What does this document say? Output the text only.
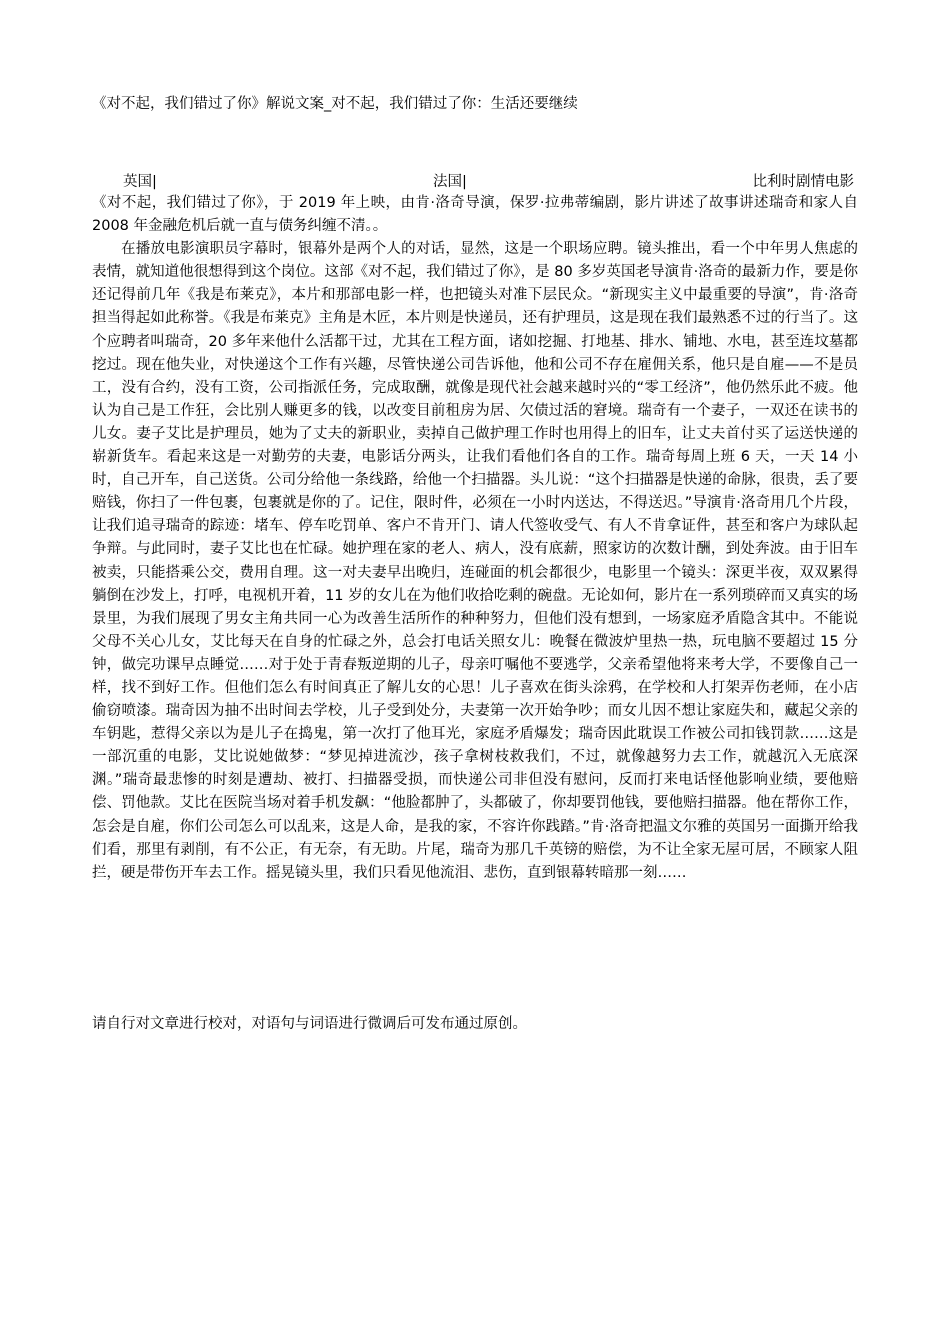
《对不起，我们错过了你》解说文案_对不起，我们错过了你：生活还要继续
英国|	法国|	比利时剧情电影

《对不起，我们错过了你》，于 2019 年上映，由肯·洛奇导演，保罗·拉弗蒂编剧，影片讲述了故事讲述瑞奇和家人自 2008 年金融危机后就一直与债务纠缠不清。。

在播放电影演职员字幕时，银幕外是两个人的对话，显然，这是一个职场应聘。镜头推出，看一个中年男人焦虑的表情，就知道他很想得到这个岗位。这部《对不起，我们错过了你》，是 80 多岁英国老导演肯·洛奇的最新力作，要是你还记得前几年《我是布莱克》，本片和那部电影一样，也把镜头对准下层民众。“新现实主义中最重要的导演”，肯·洛奇担当得起如此称誉。《我是布莱克》主角是木匠，本片则是快递员，还有护理员，这是现在我们最熟悉不过的行当了。这个应聘者叫瑞奇，20 多年来他什么活都干过，尤其在工程方面，诸如挖掘、打地基、排水、铺地、水电，甚至连坟墓都挖过。现在他失业，对快递这个工作有兴趣，尽管快递公司告诉他，他和公司不存在雇佣关系，他只是自雇——不是员工，没有合约，没有工资，公司指派任务，完成取酬，就像是现代社会越来越时兴的“零工经济”，他仍然乐此不疲。他认为自己是工作狂，会比别人赚更多的钱，以改变目前租房为居、欠债过活的窘境。瑞奇有一个妻子，一双还在读书的儿女。妻子艾比是护理员，她为了丈夫的新职业，卖掉自己做护理工作时也用得上的旧车，让丈夫首付买了运送快递的崭新货车。看起来这是一对勤劳的夫妻，电影话分两头，让我们看他们各自的工作。瑞奇每周上班 6 天，一天 14 小时，自己开车，自己送货。公司分给他一条线路，给他一个扫描器。头儿说：“这个扫描器是快递的命脉，很贵，丢了要赔钱，你扫了一件包裹，包裹就是你的了。记住，限时件，必须在一小时内送达，不得送迟。”导演肯·洛奇用几个片段，让我们追寻瑞奇的踪迹：堵车、停车吃罚单、客户不肯开门、请人代签收受气、有人不肯拿证件，甚至和客户为球队起争辩。与此同时，妻子艾比也在忙碌。她护理在家的老人、病人，没有底薪，照家访的次数计酬，到处奔波。由于旧车被卖，只能搭乘公交，费用自理。这一对夫妻早出晚归，连碰面的机会都很少，电影里一个镜头：深更半夜，双双累得躺倒在沙发上，打呼，电视机开着，11 岁的女儿在为他们收拾吃剩的碗盘。无论如何，影片在一系列琐碎而又真实的场景里，为我们展现了男女主角共同一心为改善生活所作的种种努力，但他们没有想到，一场家庭矛盾隐含其中。不能说父母不关心儿女，艾比每天在自身的忙碌之外，总会打电话关照女儿：晚餐在微波炉里热一热，玩电脑不要超过 15 分钟，做完功课早点睡觉……对于处于青春叛逆期的儿子，母亲叮嘱他不要逃学，父亲希望他将来考大学，不要像自己一样，找不到好工作。但他们怎么有时间真正了解儿女的心思！儿子喜欢在街头涂鸦，在学校和人打架弄伤老师，在小店偷窃喷漆。瑞奇因为抽不出时间去学校，儿子受到处分，夫妻第一次开始争吵；而女儿因不想让家庭失和，藏起父亲的车钥匙，惹得父亲以为是儿子在捣鬼，第一次打了他耳光，家庭矛盾爆发；瑞奇因此耽误工作被公司扣钱罚款……这是一部沉重的电影，艾比说她做梦：“梦见掉进流沙，孩子拿树枝救我们，不过，就像越努力去工作，就越沉入无底深渊。”瑞奇最悲惨的时刻是遭劫、被打、扫描器受损，而快递公司非但没有慰问，反而打来电话怪他影响业绩，要他赔偿、罚他款。艾比在医院当场对着手机发飙：“他脸都肿了，头都破了，你却要罚他钱，要他赔扫描器。他在帮你工作，怎会是自雇，你们公司怎么可以乱来，这是人命，是我的家，不容许你践踏。”肯·洛奇把温文尔雅的英国另一面撕开给我们看，那里有剥削，有不公正，有无奈，有无助。片尾，瑞奇为那几千英镑的赔偿，为不让全家无屋可居，不顾家人阻拦，硬是带伤开车去工作。摇晃镜头里，我们只看见他流泪、悲伤，直到银幕转暗那一刻……

请自行对文章进行校对，对语句与词语进行微调后可发布通过原创。
